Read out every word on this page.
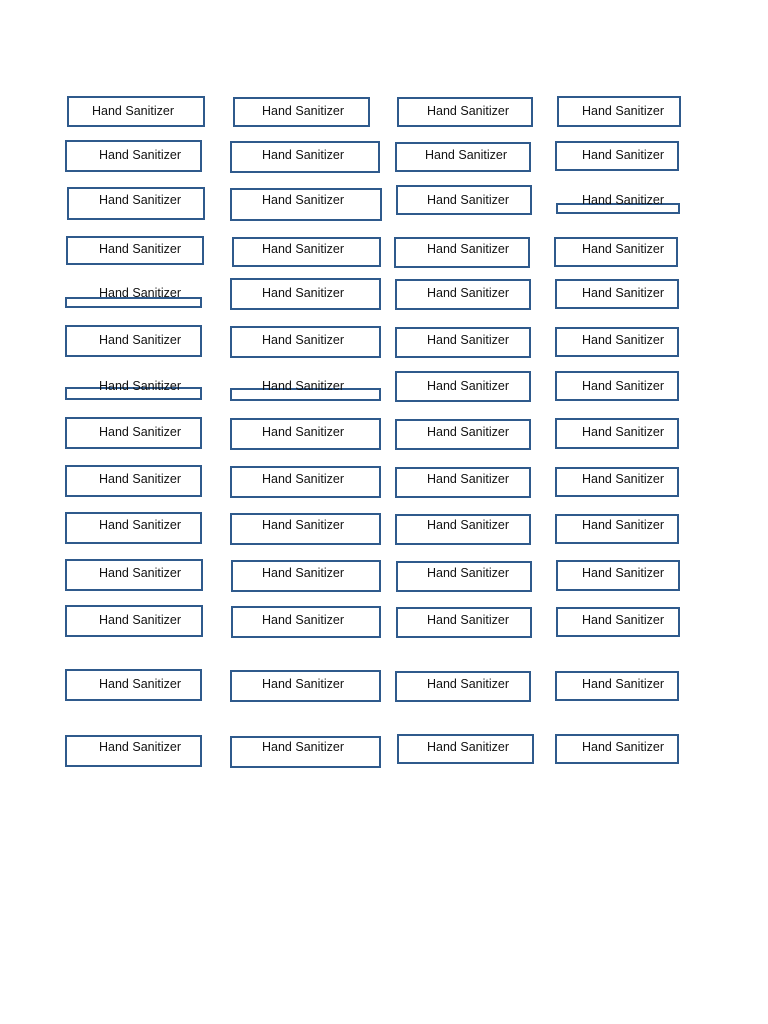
Hand Sanitizer	Hand Sanitizer	Hand Sanitizer	Hand Sanitizer
Hand Sanitizer	Hand Sanitizer	Hand Sanitizer	Hand Sanitizer
Hand Sanitizer	Hand Sanitizer	Hand Sanitizer	Hand Sanitizer
Hand Sanitizer	Hand Sanitizer	Hand Sanitizer	Hand Sanitizer
Hand Sanitizer	Hand Sanitizer	Hand Sanitizer	Hand Sanitizer
Hand Sanitizer	Hand Sanitizer	Hand Sanitizer	Hand Sanitizer
Hand Sanitizer	Hand Sanitizer	Hand Sanitizer	Hand Sanitizer
Hand Sanitizer	Hand Sanitizer	Hand Sanitizer	Hand Sanitizer
Hand Sanitizer	Hand Sanitizer	Hand Sanitizer	Hand Sanitizer
Hand Sanitizer	Hand Sanitizer	Hand Sanitizer	Hand Sanitizer
Hand Sanitizer	Hand Sanitizer	Hand Sanitizer	Hand Sanitizer
Hand Sanitizer	Hand Sanitizer	Hand Sanitizer	Hand Sanitizer
Hand Sanitizer	Hand Sanitizer	Hand Sanitizer	Hand Sanitizer
Hand Sanitizer	Hand Sanitizer	Hand Sanitizer	Hand Sanitizer
